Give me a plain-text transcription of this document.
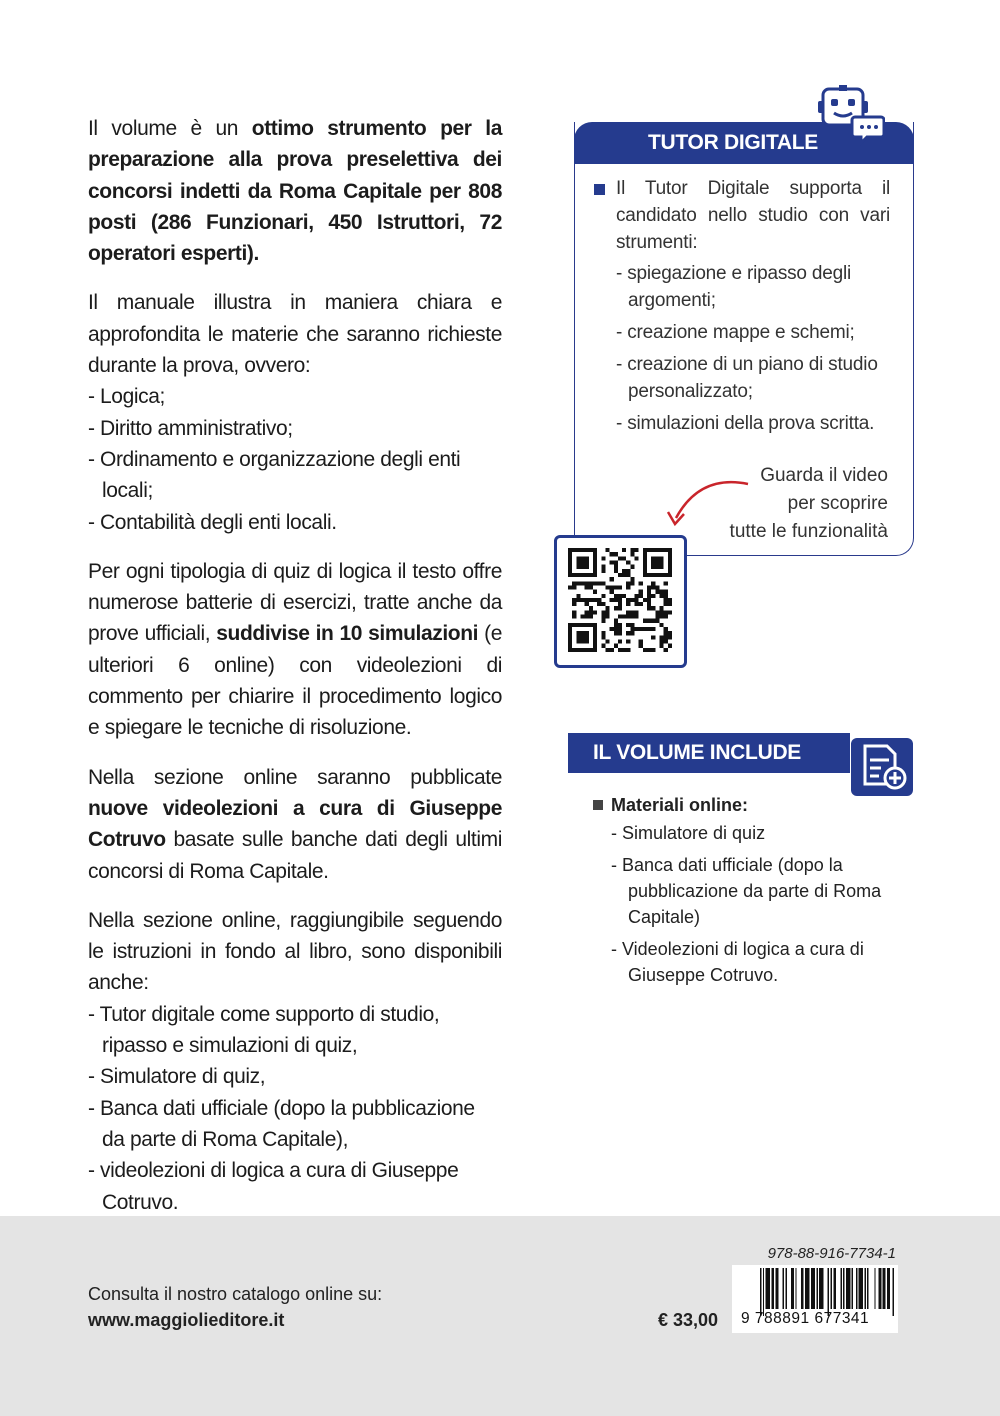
Il volume è un ottimo strumento per la preparazione alla prova preselettiva dei concorsi indetti da Roma Capitale per 808 posti (286 Funzionari, 450 Istruttori, 72 operatori esperti).

Il manuale illustra in maniera chiara e approfondita le materie che saranno richieste durante la prova, ovvero:

- Logica;
- Diritto amministrativo;
- Ordinamento e organizzazione degli enti locali;
- Contabilità degli enti locali.

Per ogni tipologia di quiz di logica il testo offre numerose batterie di esercizi, tratte anche da prove ufficiali, suddivise in 10 simulazioni (e ulteriori 6 online) con videolezioni di commento per chiarire il procedimento logico e spiegare le tecniche di risoluzione.

Nella sezione online saranno pubblicate nuove videolezioni a cura di Giuseppe Cotruvo basate sulle banche dati degli ultimi concorsi di Roma Capitale.

Nella sezione online, raggiungibile seguendo le istruzioni in fondo al libro, sono disponibili anche:

- Tutor digitale come supporto di studio, ripasso e simulazioni di quiz,
- Simulatore di quiz,
- Banca dati ufficiale (dopo la pubblicazione da parte di Roma Capitale),
- videolezioni di logica a cura di Giuseppe Cotruvo.
TUTOR DIGITALE
Il Tutor Digitale supporta il candidato nello studio con vari strumenti:
- spiegazione e ripasso degli argomenti;
- creazione mappe e schemi;
- creazione di un piano di studio personalizzato;
- simulazioni della prova scritta.
Guarda il video
per scoprire
tutte le funzionalità
IL VOLUME INCLUDE
Materiali online:
- Simulatore di quiz
- Banca dati ufficiale (dopo la pubblicazione da parte di Roma Capitale)
- Videolezioni di logica a cura di Giuseppe Cotruvo.
Consulta il nostro catalogo online su:
www.maggiolieditore.it	€ 33,00
978-88-916-7734-1
9 788891 677341
